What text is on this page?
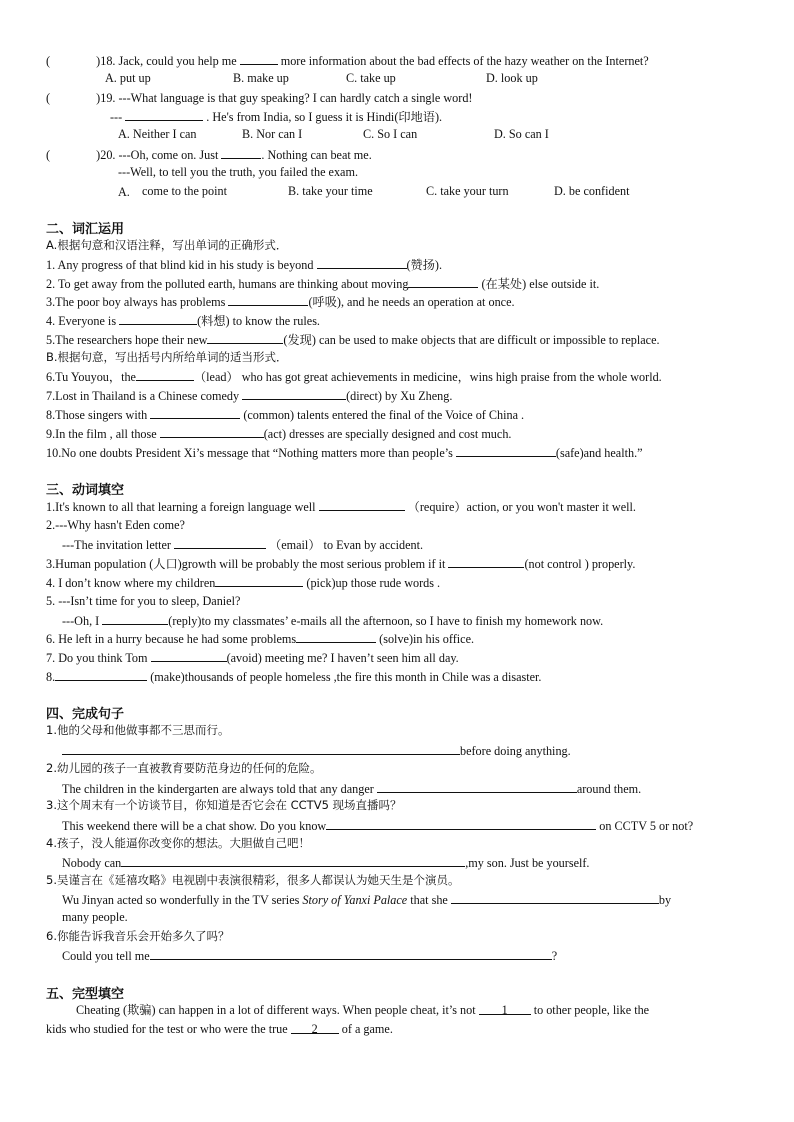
(	)18. Jack, could you help me	more information about the bad effects of the hazy weather on the Internet?
A. put up	B. make up	C. take up	D. look up
(	)19. ---What language is that guy speaking? I can hardly catch a single word!
---	. He's from India, so I guess it is Hindi(印地语).
A. Neither I can	B. Nor can I	C. So I can	D. So can I
(	)20. ---Oh, come on. Just	. Nothing can beat me.
---Well, to tell you the truth, you failed the exam.
A. come to the point	B. take your time	C. take your turn	D. be confident
二、词汇运用
A.根据句意和汉语注释，写出单词的正确形式．
1. Any progress of that blind kid in his study is beyond	(赞扬).
2. To get away from the polluted earth, humans are thinking about moving	(在某处) else outside it.
3.The poor boy always has problems	(呼吸), and he needs an operation at once.
4. Everyone is	(料想) to know the rules.
5.The researchers hope their new	(发现) can be used to make objects that are difficult or impossible to replace.
B.根据句意，写出括号内所给单词的适当形式．
6.Tu Youyou，the	（lead） who has got great achievements in medicine，wins high praise from the whole world.
7.Lost in Thailand is a Chinese comedy	(direct) by Xu Zheng.
8.Those singers with	(common) talents entered the final of the Voice of China .
9.In the film , all those	(act) dresses are specially designed and cost much.
10.No one doubts President Xi’s message that “Nothing matters more than people’s	(safe)and health.”
三、动词填空
1.It's known to all that learning a foreign language well	（require）action, or you won't master it well.
2.---Why hasn't Eden come?
---The invitation letter	（email） to Evan by accident.
3.Human population (人口)growth will be probably the most serious problem if it	(not control ) properly.
4. I don’t know where my children	(pick)up those rude words .
5. ---Isn’t time for you to sleep, Daniel?
---Oh, I	(reply)to my classmates’ e-mails all the afternoon, so I have to finish my homework now.
6. He left in a hurry because he had some problems	(solve)in his office.
7. Do you think Tom	(avoid) meeting me? I haven’t seen him all day.
8.	(make)thousands of people homeless ,the fire this month in Chile was a disaster.
四、完成句子
1.他的父母和他做事都不三思而行。
before doing anything.
2.幼儿园的孩子一直被教育要防范身边的任何的危险。
The children in the kindergarten are always told that any danger	around them.
3.这个周末有一个访谈节目，你知道是否它会在 CCTV5 现场直播吗？
This weekend there will be a chat show. Do you know	on CCTV 5 or not?
4.孩子，没人能逼你改变你的想法。大胆做自己吧！
Nobody can	,my son. Just be yourself.
5.吴谨言在《延禧攻略》电视剧中表演很精彩，很多人都误认为她天生是个演员。
Wu Jinyan acted so wonderfully in the TV series Story of Yanxi Palace that she	by
many people.
6.你能告诉我音乐会开始多久了吗？
Could you tell me	?
五、完型填空
Cheating (欺骗) can happen in a lot of different ways. When people cheat, it’s not 1 to other people, like the
kids who studied for the test or who were the true 2 of a game.
